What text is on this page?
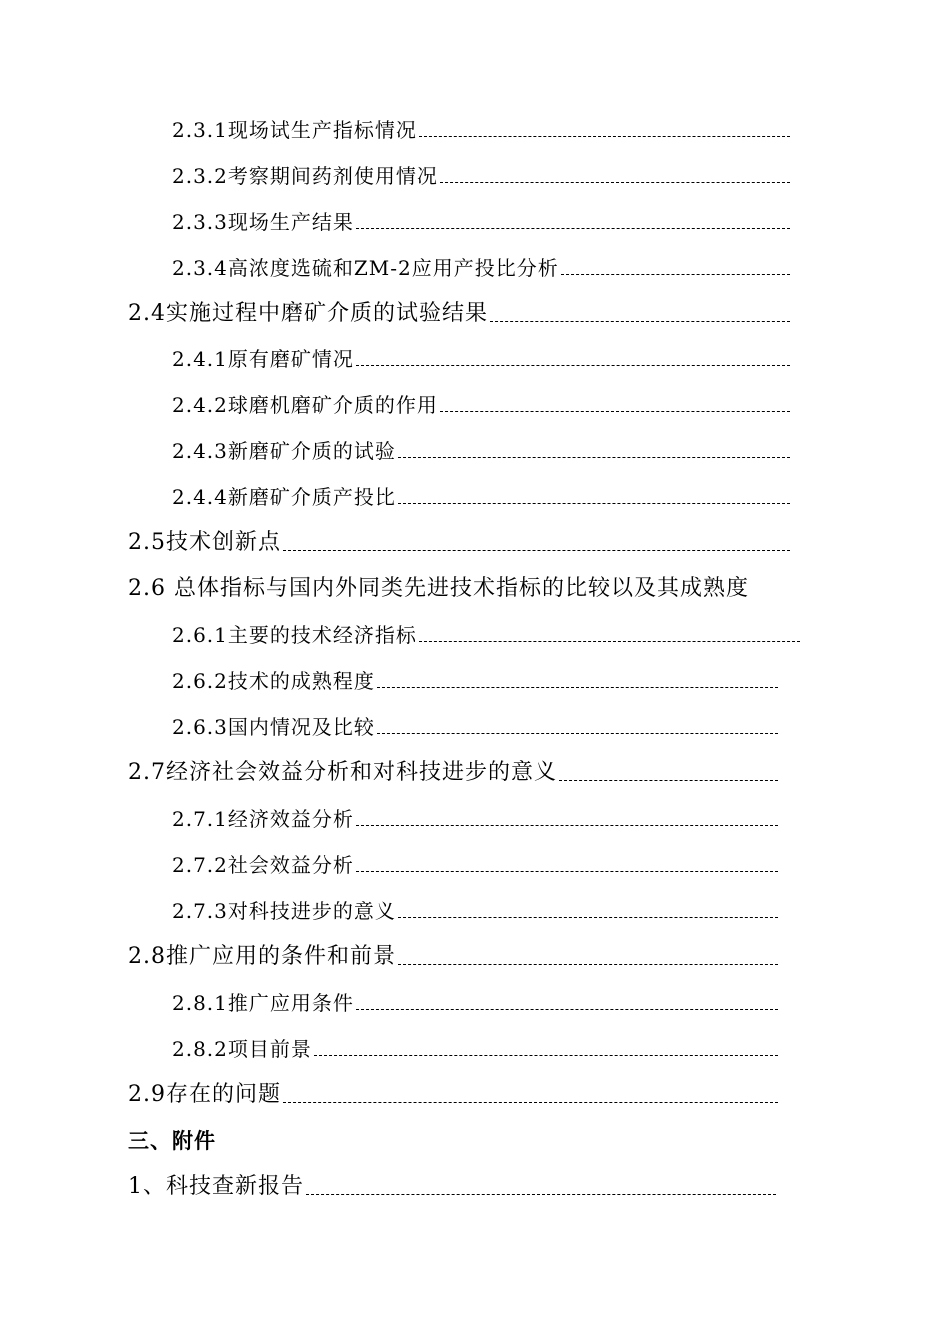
2.3.1现场试生产指标情况
2.3.2考察期间药剂使用情况
2.3.3现场生产结果
2.3.4高浓度选硫和ZM-2应用产投比分析
2.4实施过程中磨矿介质的试验结果
2.4.1原有磨矿情况
2.4.2球磨机磨矿介质的作用
2.4.3新磨矿介质的试验
2.4.4新磨矿介质产投比
2.5技术创新点
2.6 总体指标与国内外同类先进技术指标的比较以及其成熟度
2.6.1主要的技术经济指标
2.6.2技术的成熟程度
2.6.3国内情况及比较
2.7经济社会效益分析和对科技进步的意义
2.7.1经济效益分析
2.7.2社会效益分析
2.7.3对科技进步的意义
2.8推广应用的条件和前景
2.8.1推广应用条件
2.8.2项目前景
2.9存在的问题
三、附件
1、科技查新报告
